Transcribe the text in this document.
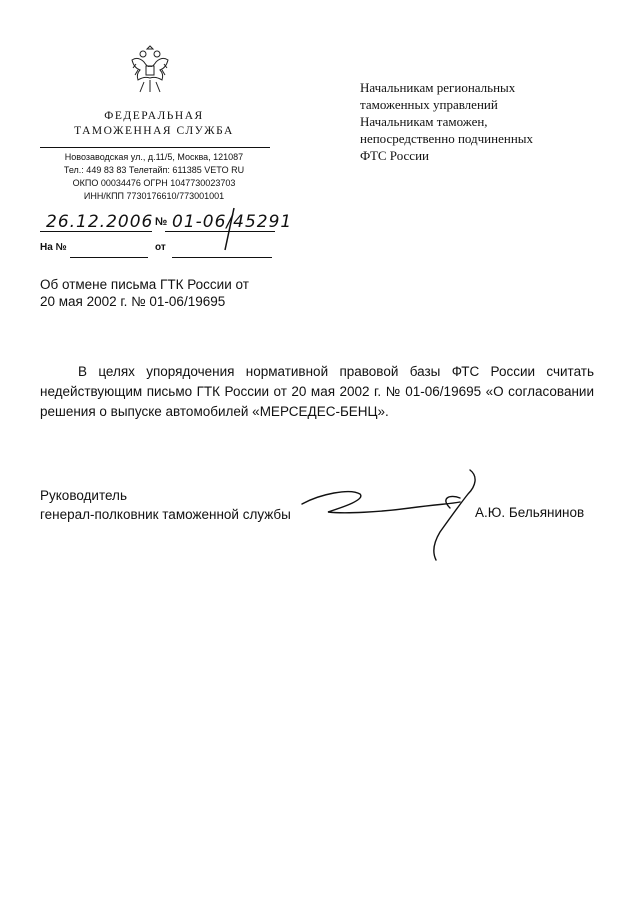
ФЕДЕРАЛЬНАЯ
ТАМОЖЕННАЯ СЛУЖБА
Новозаводская ул., д.11/5, Москва, 121087
Тел.: 449 83 83 Телетайп: 611385 VETO RU
ОКПО 00034476 ОГРН 1047730023703
ИНН/КПП 7730176610/773001001
26.12.2006 № 01-06/45291
На №	от
Об отмене письма ГТК России от
20 мая 2002 г. № 01-06/19695
Начальникам региональных
таможенных управлений
Начальникам таможен,
непосредственно подчиненных
ФТС России
В целях упорядочения нормативной правовой базы ФТС России считать недействующим письмо ГТК России от 20 мая 2002 г. № 01-06/19695 «О согласовании решения о выпуске автомобилей «МЕРСЕДЕС-БЕНЦ».
Руководитель
генерал-полковник таможенной службы	А.Ю. Бельянинов
